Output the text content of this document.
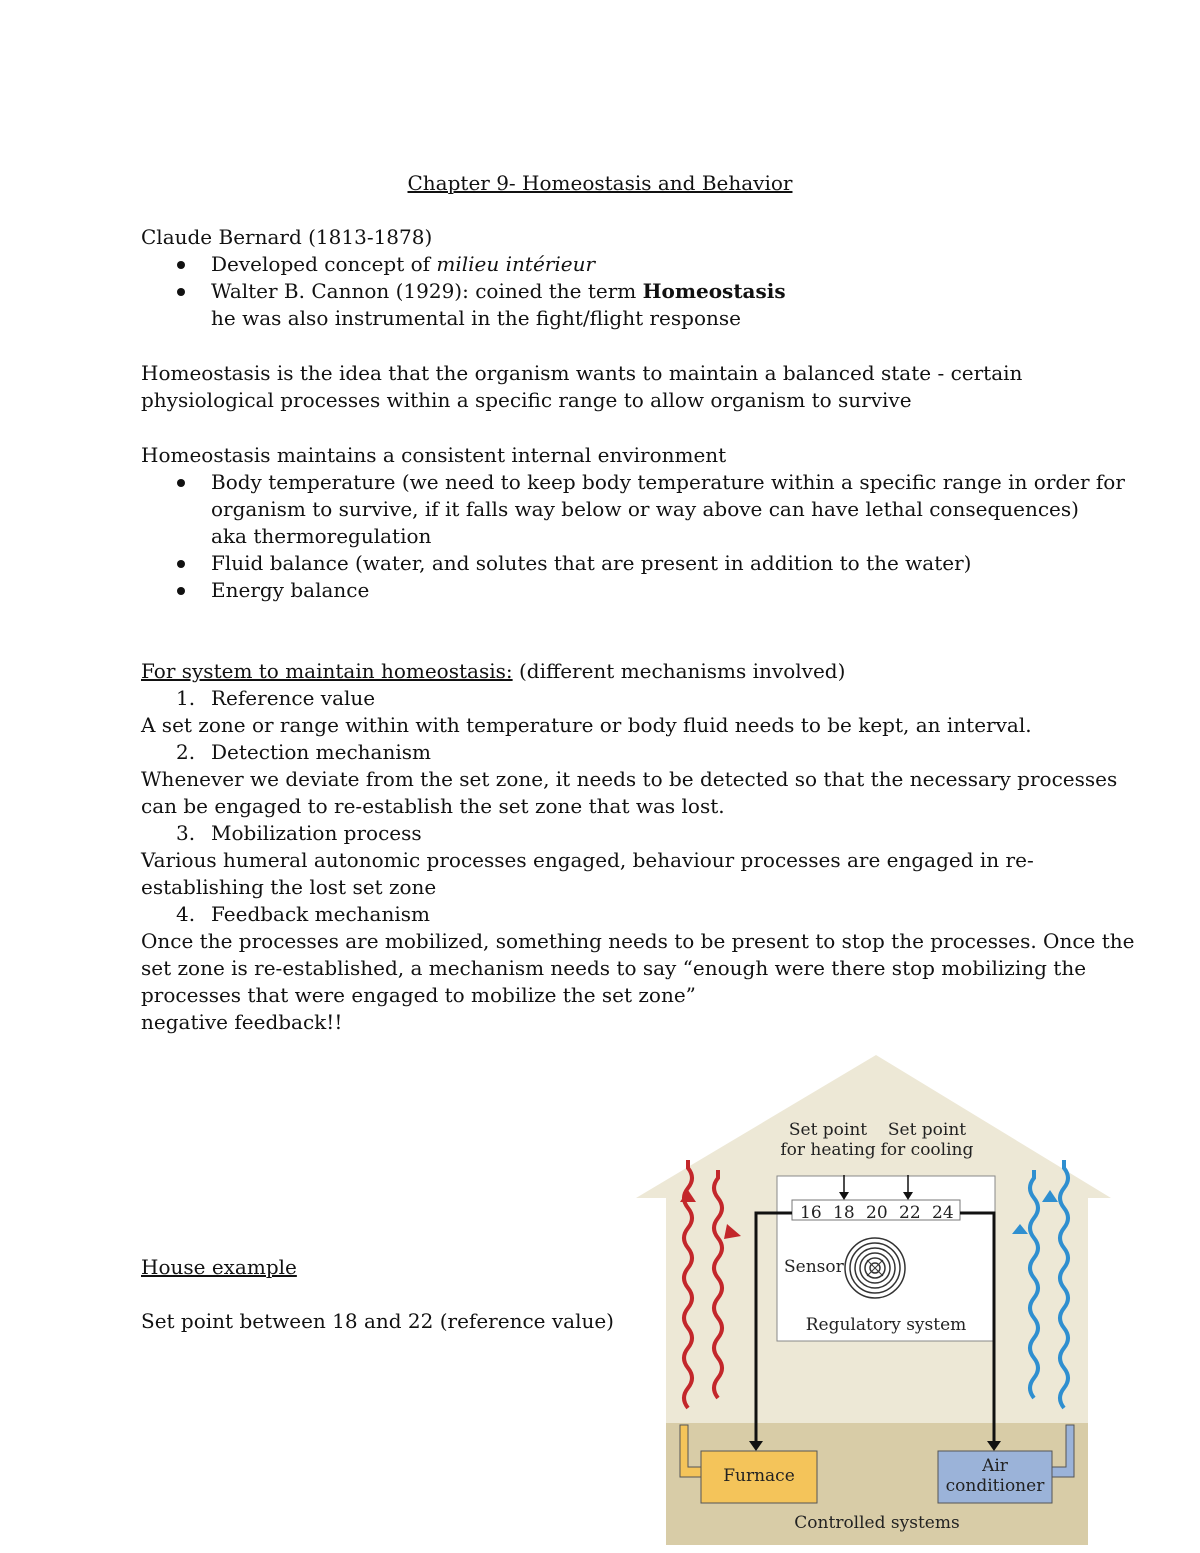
Chapter 9- Homeostasis and Behavior
Claude Bernard (1813-1878)
Developed concept of milieu intérieur
Walter B. Cannon (1929): coined the term Homeostasis
he was also instrumental in the fight/flight response
Homeostasis is the idea that the organism wants to maintain a balanced state - certain
physiological processes within a specific range to allow organism to survive
Homeostasis maintains a consistent internal environment
Body temperature (we need to keep body temperature within a specific range in order for
organism to survive, if it falls way below or way above can have lethal consequences)
aka thermoregulation
Fluid balance (water, and solutes that are present in addition to the water)
Energy balance
For system to maintain homeostasis: (different mechanisms involved)
1. Reference value
A set zone or range within with temperature or body fluid needs to be kept, an interval.
2. Detection mechanism
Whenever we deviate from the set zone, it needs to be detected so that the necessary processes
can be engaged to re-establish the set zone that was lost.
3. Mobilization process
Various humeral autonomic processes engaged, behaviour processes are engaged in re-
establishing the lost set zone
4. Feedback mechanism
Once the processes are mobilized, something needs to be present to stop the processes. Once the
set zone is re-established, a mechanism needs to say “enough were there stop mobilizing the
processes that were engaged to mobilize the set zone”
negative feedback!!
House example
Set point between 18 and 22 (reference value)
Set point
for heating
Set point
for cooling
16 18 20 22 24
Sensor
Regulatory system
Furnace	Air
conditioner
Controlled systems
